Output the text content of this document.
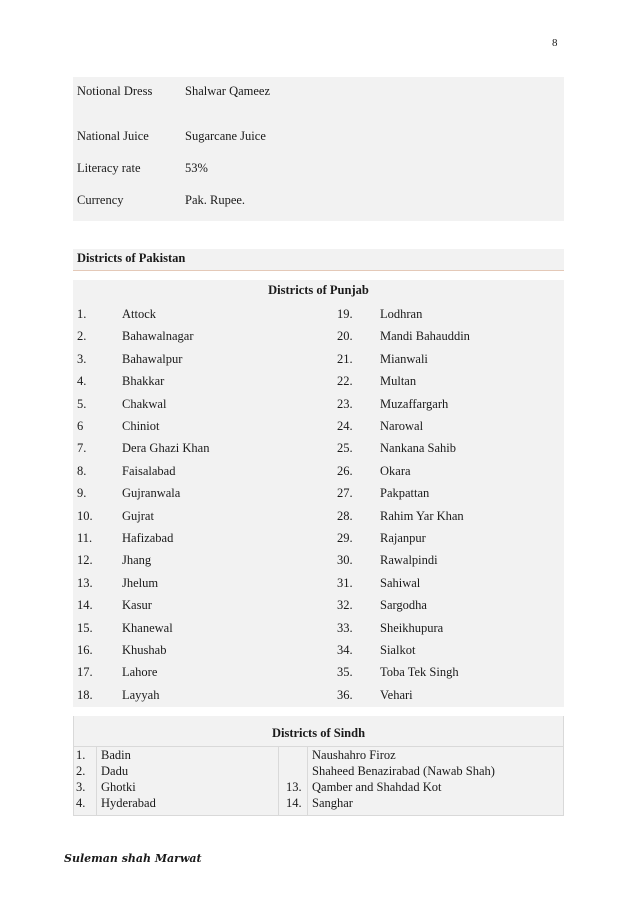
8
Notional Dress	Shalwar Qameez
National Juice	Sugarcane Juice
Literacy rate	53%
Currency	Pak. Rupee.
Districts of Pakistan
Districts of Punjab
1.	Attock	19. Lodhran
2.	Bahawalnagar	20. Mandi Bahauddin
3.	Bahawalpur	21. Mianwali
4.	Bhakkar	22. Multan
5.	Chakwal	23. Muzaffargarh
6	Chiniot	24. Narowal
7.	Dera Ghazi Khan	25. Nankana Sahib
8.	Faisalabad	26. Okara
9.	Gujranwala	27. Pakpattan
10. Gujrat	28. Rahim Yar Khan
11. Hafizabad	29. Rajanpur
12. Jhang	30. Rawalpindi
13. Jhelum	31. Sahiwal
14. Kasur	32. Sargodha
15. Khanewal	33. Sheikhupura
16. Khushab	34. Sialkot
17. Lahore	35. Toba Tek Singh
18. Layyah	36. Vehari
Districts of Sindh
1. Badin	Naushahro Firoz
2. Dadu	Shaheed Benazirabad (Nawab Shah)
3. Ghotki	13. Qamber and Shahdad Kot
4. Hyderabad	14. Sanghar
Suleman shah Marwat
